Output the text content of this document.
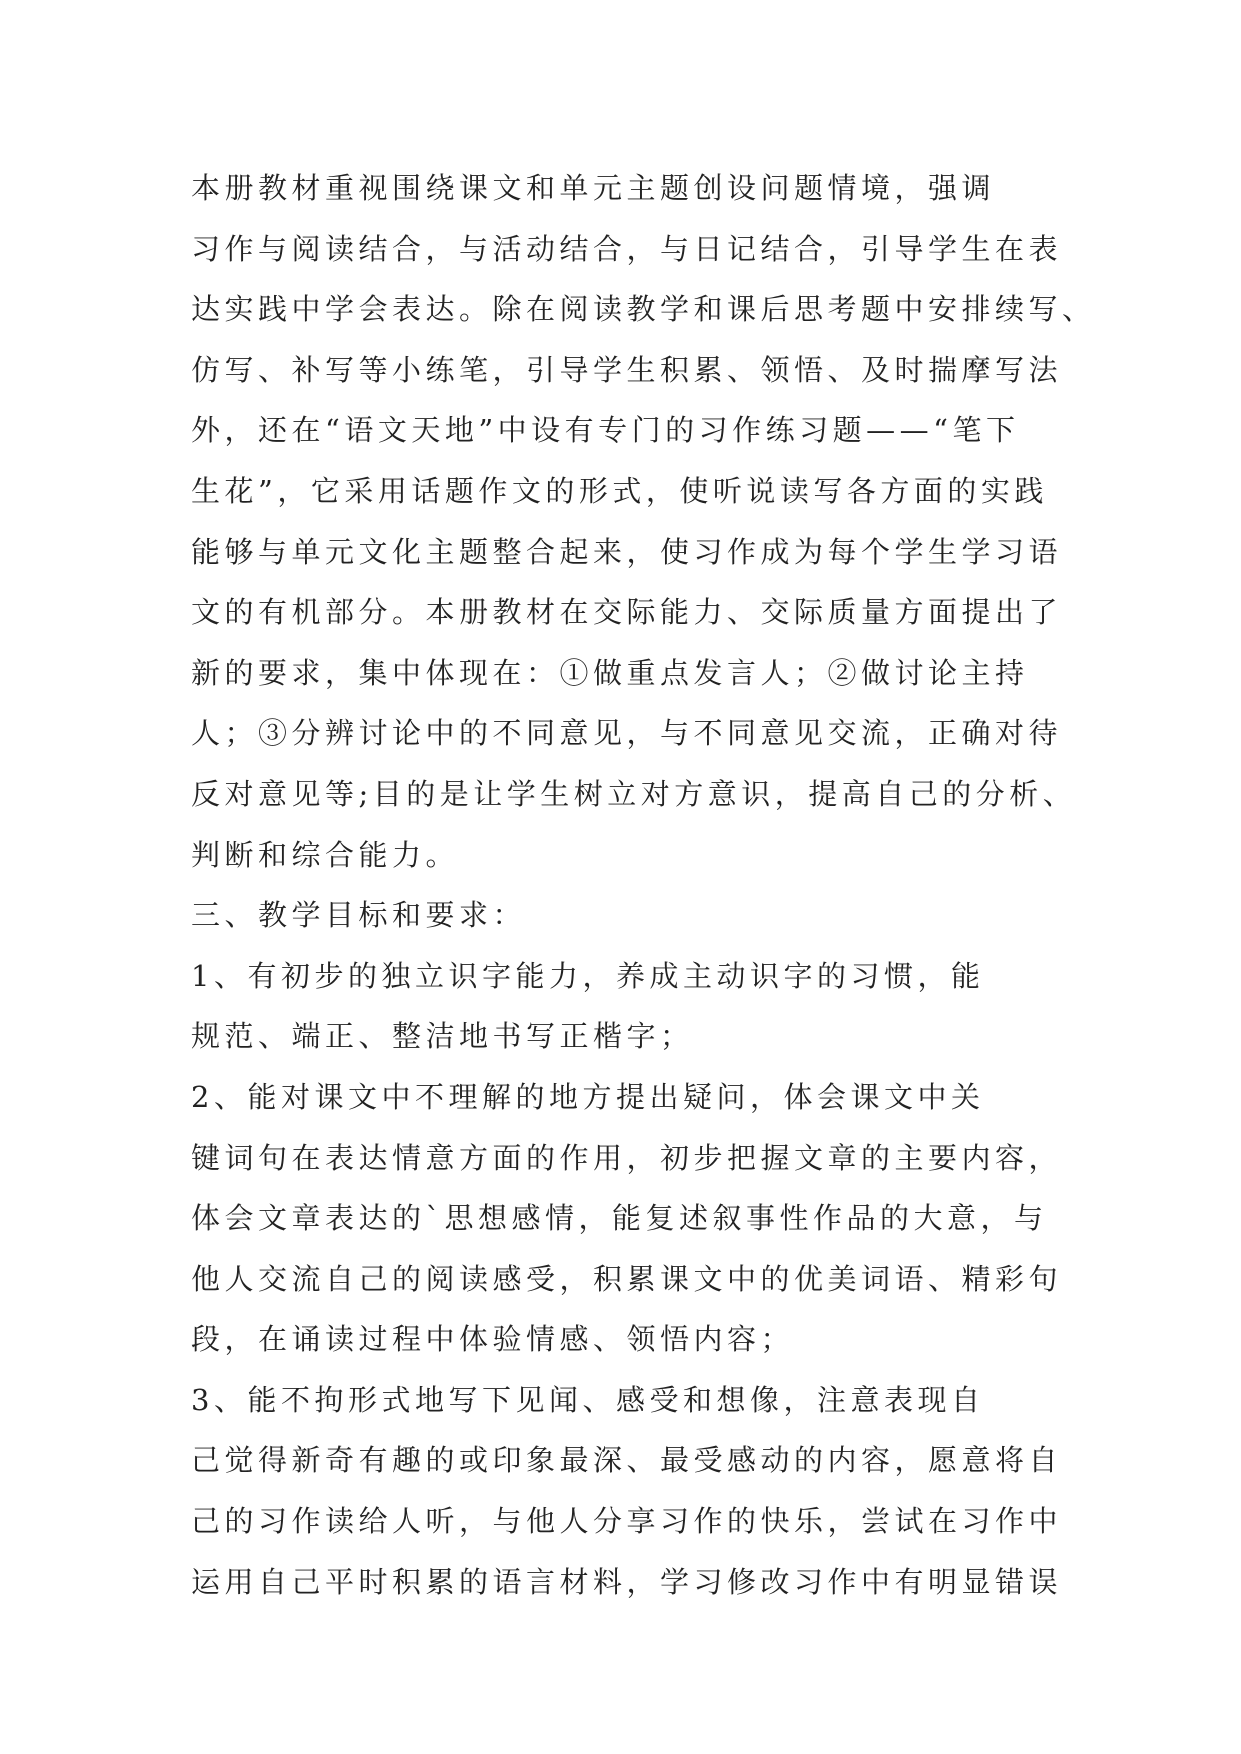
本册教材重视围绕课文和单元主题创设问题情境，强调
习作与阅读结合，与活动结合，与日记结合，引导学生在表
达实践中学会表达。除在阅读教学和课后思考题中安排续写、
仿写、补写等小练笔，引导学生积累、领悟、及时揣摩写法
外，还在“语文天地”中设有专门的习作练习题——“笔下
生花”，它采用话题作文的形式，使听说读写各方面的实践
能够与单元文化主题整合起来，使习作成为每个学生学习语
文的有机部分。本册教材在交际能力、交际质量方面提出了
新的要求，集中体现在：①做重点发言人；②做讨论主持
人；③分辨讨论中的不同意见，与不同意见交流，正确对待
反对意见等;目的是让学生树立对方意识，提高自己的分析、
判断和综合能力。
三、教学目标和要求：
1、有初步的独立识字能力，养成主动识字的习惯，能
规范、端正、整洁地书写正楷字；
2、能对课文中不理解的地方提出疑问，体会课文中关
键词句在表达情意方面的作用，初步把握文章的主要内容，
体会文章表达的`思想感情，能复述叙事性作品的大意，与
他人交流自己的阅读感受，积累课文中的优美词语、精彩句
段，在诵读过程中体验情感、领悟内容；
3、能不拘形式地写下见闻、感受和想像，注意表现自
己觉得新奇有趣的或印象最深、最受感动的内容，愿意将自
己的习作读给人听，与他人分享习作的快乐，尝试在习作中
运用自己平时积累的语言材料，学习修改习作中有明显错误
